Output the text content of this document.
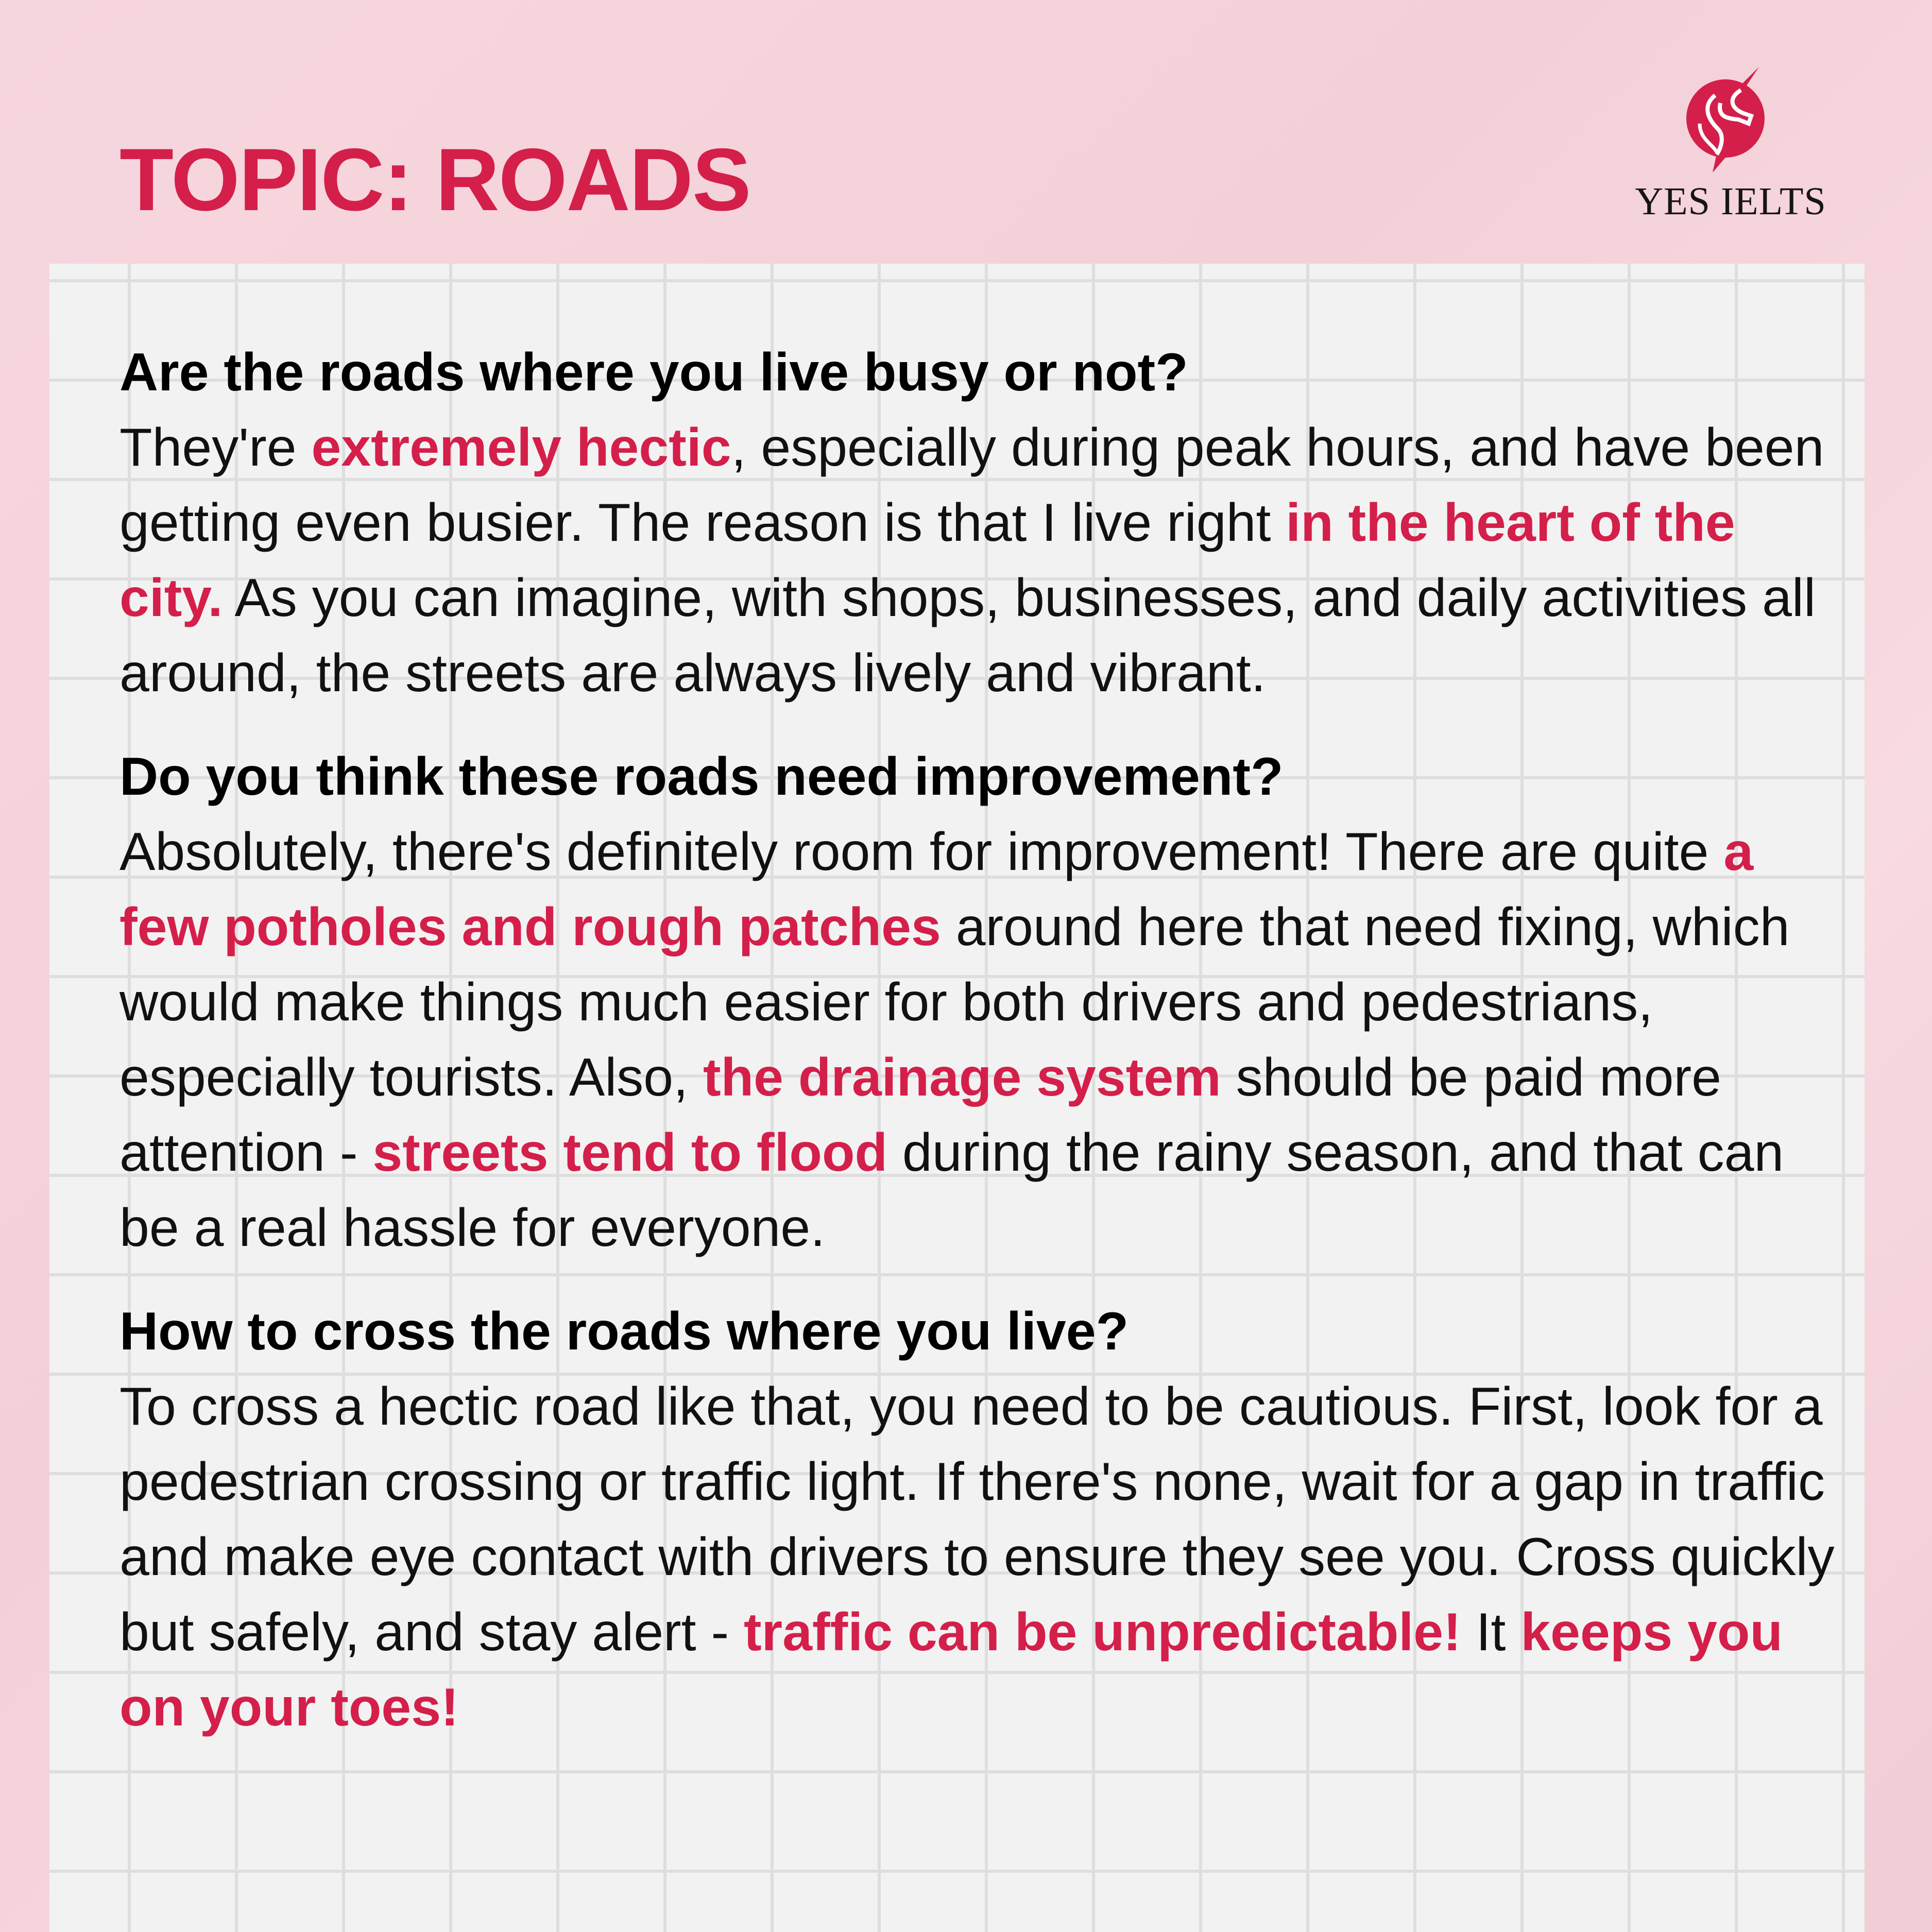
TOPIC: ROADS	YES IELTS

Are the roads where you live busy or not?

They're extremely hectic, especially during peak hours, and have been getting even busier. The reason is that I live right in the heart of the city. As you can imagine, with shops, businesses, and daily activities all around, the streets are always lively and vibrant.

Do you think these roads need improvement?

Absolutely, there's definitely room for improvement! There are quite a few potholes and rough patches around here that need fixing, which would make things much easier for both drivers and pedestrians, especially tourists. Also, the drainage system should be paid more attention - streets tend to flood during the rainy season, and that can be a real hassle for everyone.

How to cross the roads where you live?

To cross a hectic road like that, you need to be cautious. First, look for a pedestrian crossing or traffic light. If there's none, wait for a gap in traffic and make eye contact with drivers to ensure they see you. Cross quickly but safely, and stay alert - traffic can be unpredictable! It keeps you on your toes!
